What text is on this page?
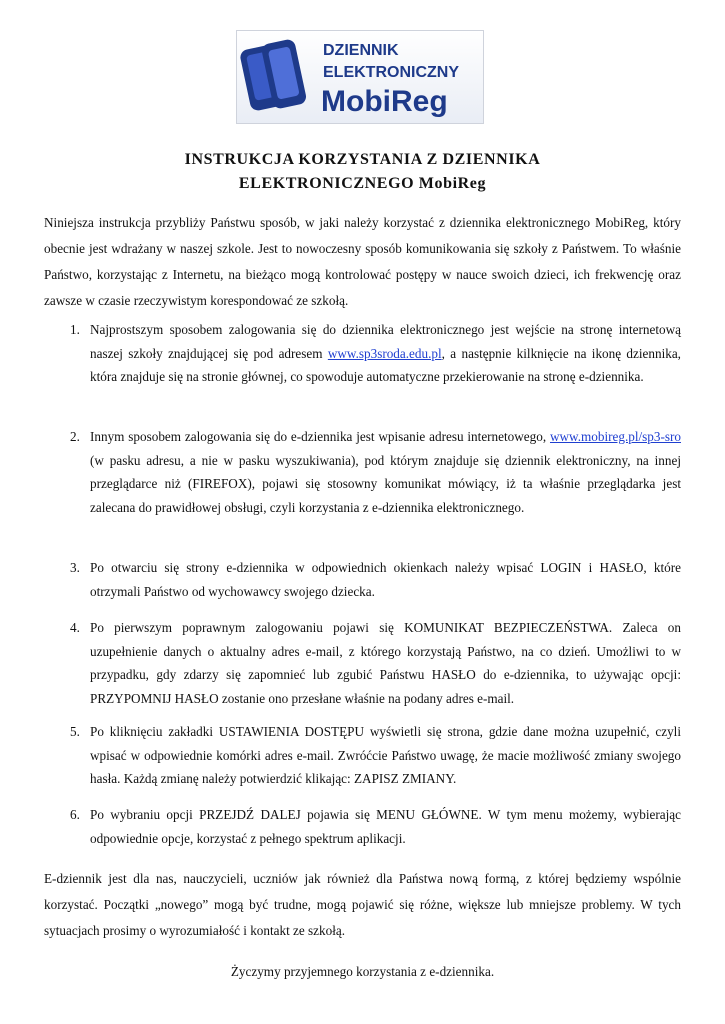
DZIENNIK
ELEKTRONICZNY
MobiReg
INSTRUKCJA KORZYSTANIA Z DZIENNIKA
ELEKTRONICZNEGO MobiReg

Niniejsza instrukcja przybliży Państwu sposób, w jaki należy korzystać z dziennika elektronicznego MobiReg, który obecnie jest wdrażany w naszej szkole. Jest to nowoczesny sposób komunikowania się szkoły z Państwem. To właśnie Państwo, korzystając z Internetu, na bieżąco mogą kontrolować postępy w nauce swoich dzieci, ich frekwencję oraz zawsze w czasie rzeczywistym korespondować ze szkołą.

1. Najprostszym sposobem zalogowania się do dziennika elektronicznego jest wejście na stronę internetową naszej szkoły znajdującej się pod adresem www.sp3sroda.edu.pl, a następnie kilknięcie na ikonę dziennika, która znajduje się na stronie głównej, co spowoduje automatyczne przekierowanie na stronę e-dziennika.
2. Innym sposobem zalogowania się do e-dziennika jest wpisanie adresu internetowego, www.mobireg.pl/sp3-sro (w pasku adresu, a nie w pasku wyszukiwania), pod którym znajduje się dziennik elektroniczny, na innej przeglądarce niż (FIREFOX), pojawi się stosowny komunikat mówiący, iż ta właśnie przeglądarka jest zalecana do prawidłowej obsługi, czyli korzystania z e-dziennika elektronicznego.
3. Po otwarciu się strony e-dziennika w odpowiednich okienkach należy wpisać LOGIN i HASŁO, które otrzymali Państwo od wychowawcy swojego dziecka.
4. Po pierwszym poprawnym zalogowaniu pojawi się KOMUNIKAT BEZPIECZEŃSTWA. Zaleca on uzupełnienie danych o aktualny adres e-mail, z którego korzystają Państwo, na co dzień. Umożliwi to w przypadku, gdy zdarzy się zapomnieć lub zgubić Państwu HASŁO do e-dziennika, to używając opcji: PRZYPOMNIJ HASŁO zostanie ono przesłane właśnie na podany adres e-mail.
5. Po kliknięciu zakładki USTAWIENIA DOSTĘPU wyświetli się strona, gdzie dane można uzupełnić, czyli wpisać w odpowiednie komórki adres e-mail. Zwróćcie Państwo uwagę, że macie możliwość zmiany swojego hasła. Każdą zmianę należy potwierdzić klikając: ZAPISZ ZMIANY.
6. Po wybraniu opcji PRZEJDŹ DALEJ pojawia się MENU GŁÓWNE. W tym menu możemy, wybierając odpowiednie opcje, korzystać z pełnego spektrum aplikacji.

E-dziennik jest dla nas, nauczycieli, uczniów jak również dla Państwa nową formą, z której będziemy wspólnie korzystać. Początki „nowego” mogą być trudne, mogą pojawić się różne, większe lub mniejsze problemy. W tych sytuacjach prosimy o wyrozumiałość i kontakt ze szkołą.

Życzymy przyjemnego korzystania z e-dziennika.
